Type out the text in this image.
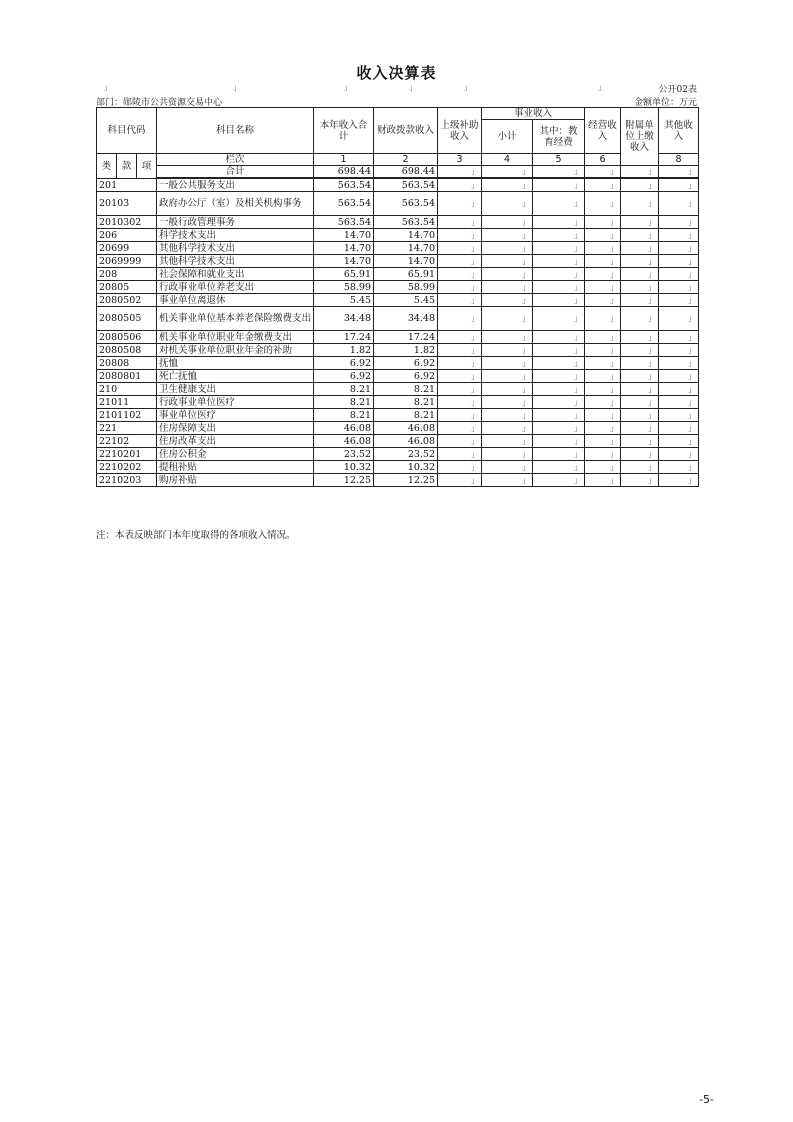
收入决算表
」	」	」	」	」	」	公开02表
部门：郧陵市公共资源交易中心	金额单位：万元
科目代码			科目名称	本年收入合计	财政拨款收入	上级补助收入	事业收入		经营收入	附属单位上缴收入	其他收入
							小计	其中：教育经费			
类	款	项	栏次	1	2	3	4	5	6		8
			合计	698.44	698.44	」	」	」	」	」	」

201			一般公共服务支出	563.54	563.54	」	」	」	」	」	」
20103			政府办公厅（室）及相关机构事务	563.54	563.54	」	」	」	」	」	」
2010302			一般行政管理事务	563.54	563.54	」	」	」	」	」	」
206			科学技术支出	14.70	14.70	」	」	」	」	」	」
20699			其他科学技术支出	14.70	14.70	」	」	」	」	」	」
2069999			其他科学技术支出	14.70	14.70	」	」	」	」	」	」
208			社会保障和就业支出	65.91	65.91	」	」	」	」	」	」
20805			行政事业单位养老支出	58.99	58.99	」	」	」	」	」	」
2080502			事业单位离退休	5.45	5.45	」	」	」	」	」	」
2080505			机关事业单位基本养老保险缴费支出	34.48	34.48	」	」	」	」	」	」
2080506			机关事业单位职业年金缴费支出	17.24	17.24	」	」	」	」	」	」
2080508			对机关事业单位职业年金的补助	1.82	1.82	」	」	」	」	」	」
20808			抚恤	6.92	6.92	」	」	」	」	」	」
2080801			死亡抚恤	6.92	6.92	」	」	」	」	」	」
210			卫生健康支出	8.21	8.21	」	」	」	」	」	」
21011			行政事业单位医疗	8.21	8.21	」	」	」	」	」	」
2101102			事业单位医疗	8.21	8.21	」	」	」	」	」	」
221			住房保障支出	46.08	46.08	」	」	」	」	」	」
22102			住房改革支出	46.08	46.08	」	」	」	」	」	」
2210201			住房公积金	23.52	23.52	」	」	」	」	」	」
2210202			提租补贴	10.32	10.32	」	」	」	」	」	」
2210203			购房补贴	12.25	12.25	」	」	」	」	」	」
注：本表反映部门本年度取得的各项收入情况。
-5-
